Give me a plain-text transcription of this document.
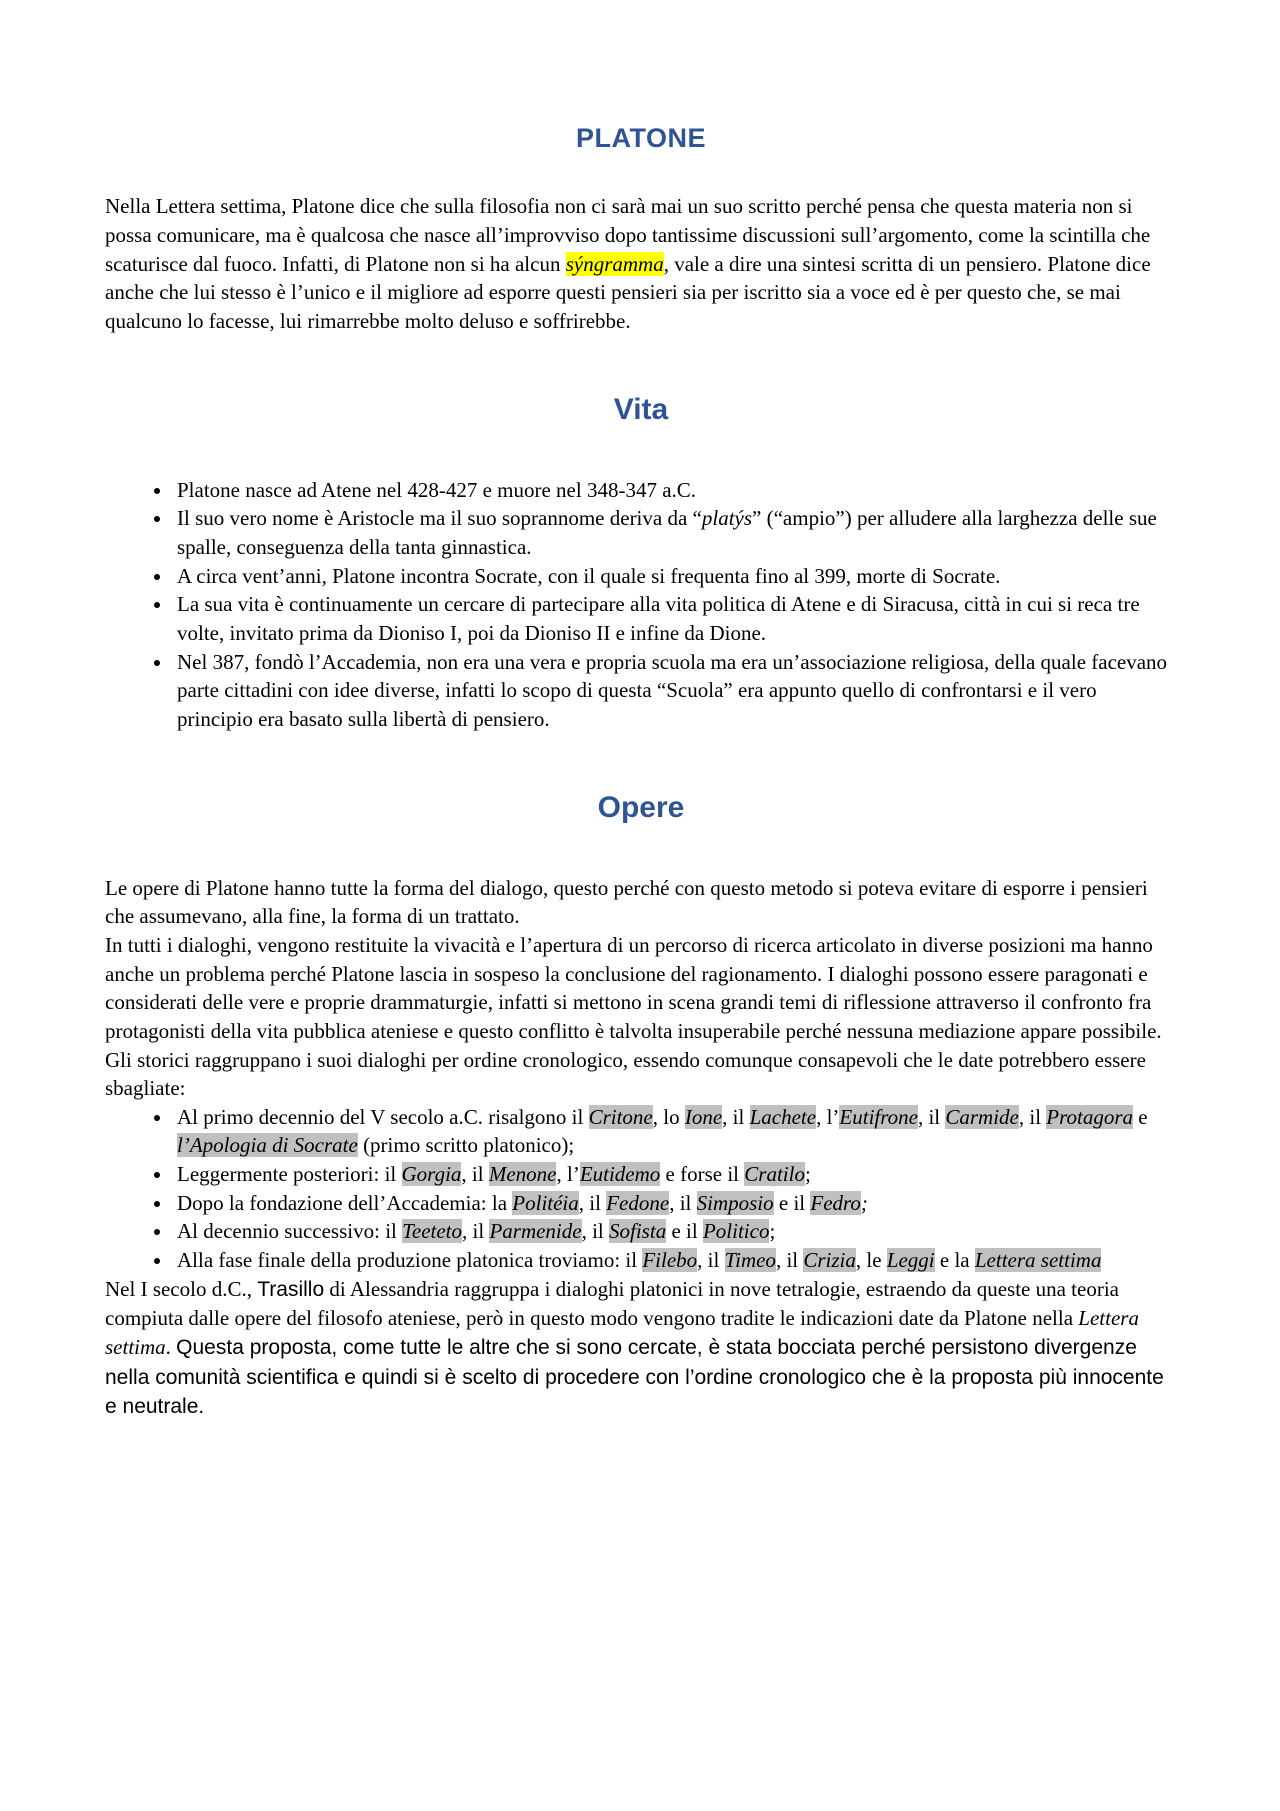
PLATONE

Nella Lettera settima, Platone dice che sulla filosofia non ci sarà mai un suo scritto perché pensa che questa materia non si possa comunicare, ma è qualcosa che nasce all’improvviso dopo tantissime discussioni sull’argomento, come la scintilla che scaturisce dal fuoco. Infatti, di Platone non si ha alcun sýngramma, vale a dire una sintesi scritta di un pensiero. Platone dice anche che lui stesso è l’unico e il migliore ad esporre questi pensieri sia per iscritto sia a voce ed è per questo che, se mai qualcuno lo facesse, lui rimarrebbe molto deluso e soffrirebbe.

Vita
• Platone nasce ad Atene nel 428-427 e muore nel 348-347 a.C.
• Il suo vero nome è Aristocle ma il suo soprannome deriva da “platýs” (“ampio”) per alludere alla larghezza delle sue spalle, conseguenza della tanta ginnastica.
• A circa vent’anni, Platone incontra Socrate, con il quale si frequenta fino al 399, morte di Socrate.
• La sua vita è continuamente un cercare di partecipare alla vita politica di Atene e di Siracusa, città in cui si reca tre volte, invitato prima da Dioniso I, poi da Dioniso II e infine da Dione.
• Nel 387, fondò l’Accademia, non era una vera e propria scuola ma era un’associazione religiosa, della quale facevano parte cittadini con idee diverse, infatti lo scopo di questa “Scuola” era appunto quello di confrontarsi e il vero principio era basato sulla libertà di pensiero.
Opere

Le opere di Platone hanno tutte la forma del dialogo, questo perché con questo metodo si poteva evitare di esporre i pensieri che assumevano, alla fine, la forma di un trattato.

In tutti i dialoghi, vengono restituite la vivacità e l’apertura di un percorso di ricerca articolato in diverse posizioni ma hanno anche un problema perché Platone lascia in sospeso la conclusione del ragionamento. I dialoghi possono essere paragonati e considerati delle vere e proprie drammaturgie, infatti si mettono in scena grandi temi di riflessione attraverso il confronto fra protagonisti della vita pubblica ateniese e questo conflitto è talvolta insuperabile perché nessuna mediazione appare possibile.

Gli storici raggruppano i suoi dialoghi per ordine cronologico, essendo comunque consapevoli che le date potrebbero essere sbagliate:

• Al primo decennio del V secolo a.C. risalgono il Critone, lo Ione, il Lachete, l’Eutifrone, il Carmide, il Protagora e l’Apologia di Socrate (primo scritto platonico);
• Leggermente posteriori: il Gorgia, il Menone, l’Eutidemo e forse il Cratilo;
• Dopo la fondazione dell’Accademia: la Politéia, il Fedone, il Simposio e il Fedro;
• Al decennio successivo: il Teeteto, il Parmenide, il Sofista e il Politico;
• Alla fase finale della produzione platonica troviamo: il Filebo, il Timeo, il Crizia, le Leggi e la Lettera settima

Nel I secolo d.C., Trasillo di Alessandria raggruppa i dialoghi platonici in nove tetralogie, estraendo da queste una teoria compiuta dalle opere del filosofo ateniese, però in questo modo vengono tradite le indicazioni date da Platone nella Lettera settima. Questa proposta, come tutte le altre che si sono cercate, è stata bocciata perché persistono divergenze nella comunità scientifica e quindi si è scelto di procedere con l’ordine cronologico che è la proposta più innocente e neutrale.
